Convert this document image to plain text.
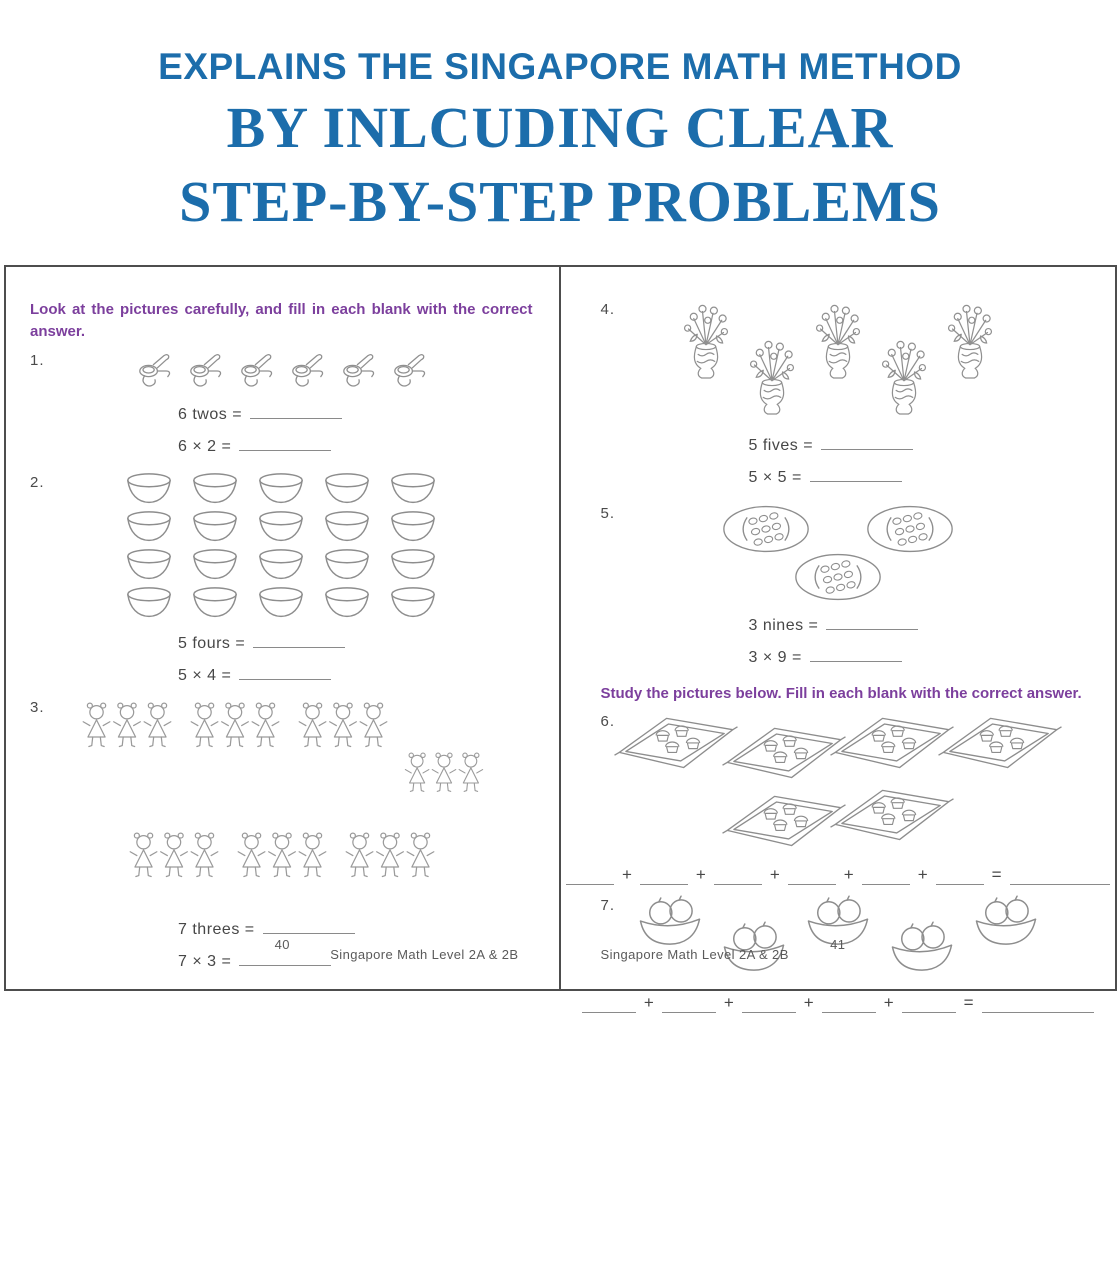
EXPLAINS THE SINGAPORE MATH METHOD
BY INLCUDING CLEAR
STEP-BY-STEP PROBLEMS

Look at the pictures carefully, and fill in each blank with the correct answer.

1.
6 twos =
6 × 2 =
2.
5 fours =
5 × 4 =
3.
7 threes =
7 × 3 =
40
Singapore Math Level 2A & 2B
4.
5 fives =
5 × 5 =
5.
3 nines =
3 × 9 =

Study the pictures below. Fill in each blank with the correct answer.

6.
+	+	+	+	+	=
7.
+	+	+	+	=
Singapore Math Level 2A & 2B
41
